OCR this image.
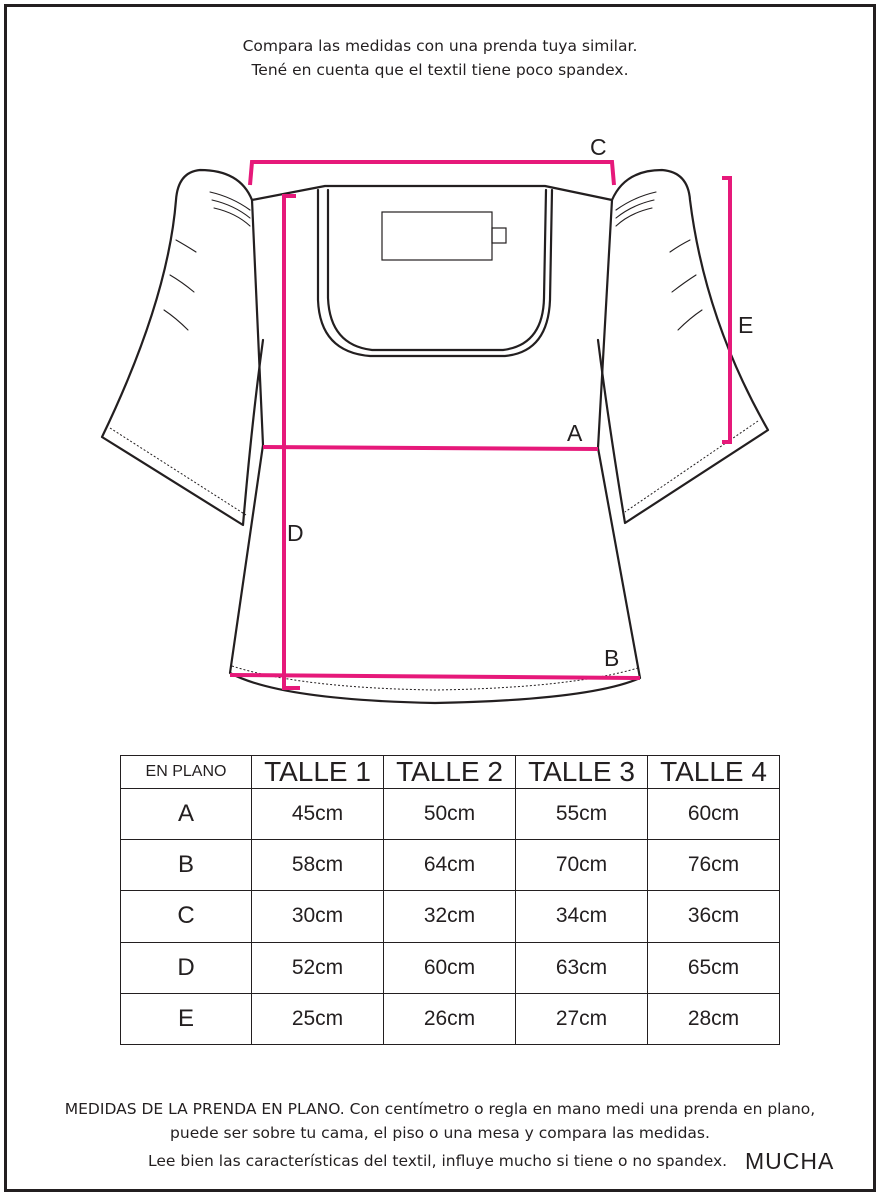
Compara las medidas con una prenda tuya similar.
Tené en cuenta que el textil tiene poco spandex.
C
E
A
D
B
EN PLANO	TALLE 1	TALLE 2	TALLE 3	TALLE 4
A	45cm	50cm	55cm	60cm
B	58cm	64cm	70cm	76cm
C	30cm	32cm	34cm	36cm
D	52cm	60cm	63cm	65cm
E	25cm	26cm	27cm	28cm
MEDIDAS DE LA PRENDA EN PLANO. Con centímetro o regla en mano medi una prenda en plano,
puede ser sobre tu cama, el piso o una mesa y compara las medidas.
Lee bien las características del textil, influye mucho si tiene o no spandex. MUCHA
